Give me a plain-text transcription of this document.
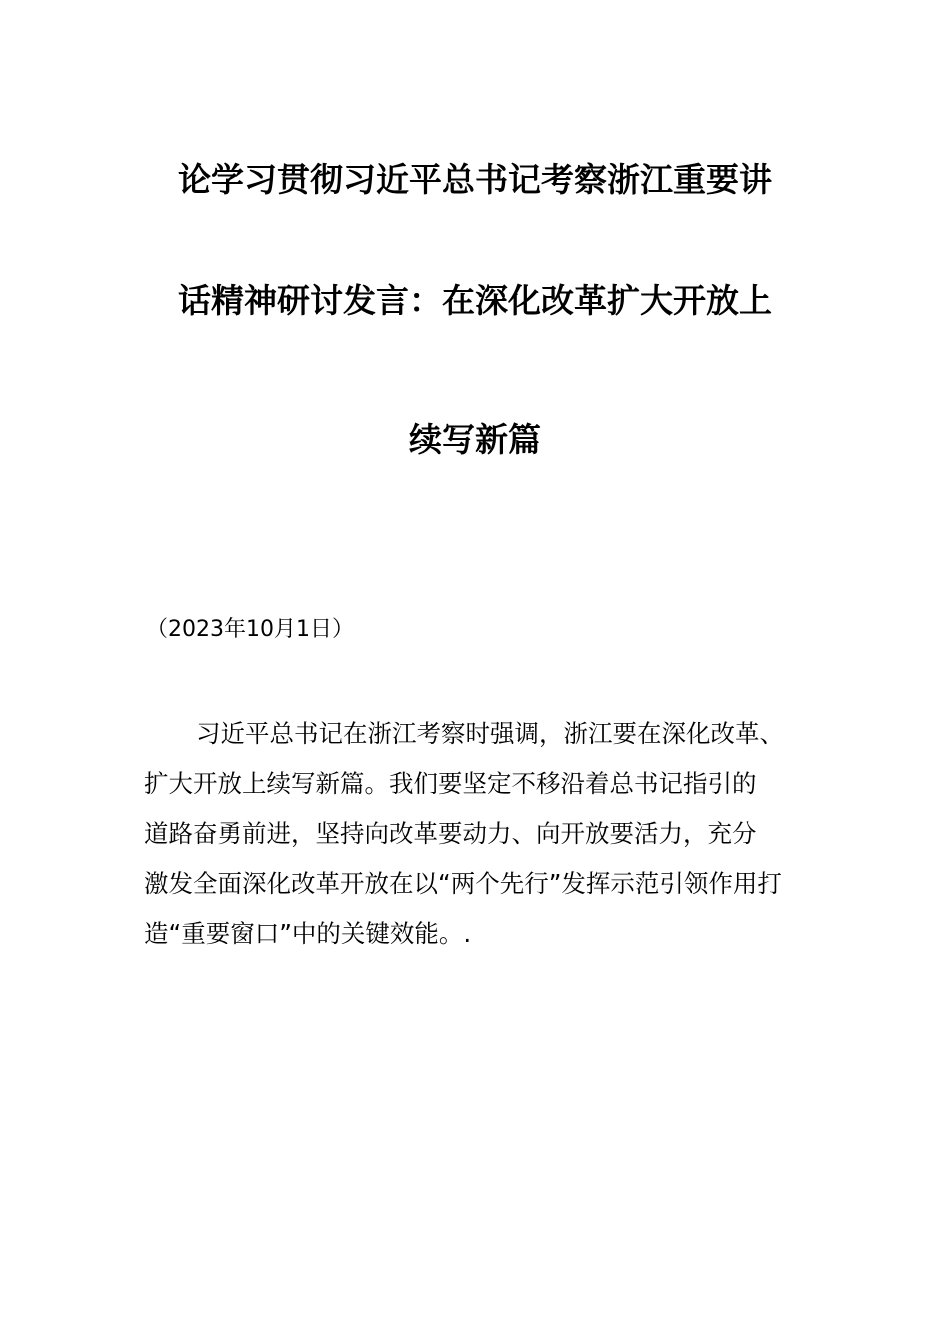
论学习贯彻习近平总书记考察浙江重要讲
话精神研讨发言：在深化改革扩大开放上
续写新篇
（2023年10月1日）
习近平总书记在浙江考察时强调，浙江要在深化改革、
扩大开放上续写新篇。我们要坚定不移沿着总书记指引的
道路奋勇前进，坚持向改革要动力、向开放要活力，充分
激发全面深化改革开放在以“两个先行”发挥示范引领作用打
造“重要窗口”中的关键效能。.
